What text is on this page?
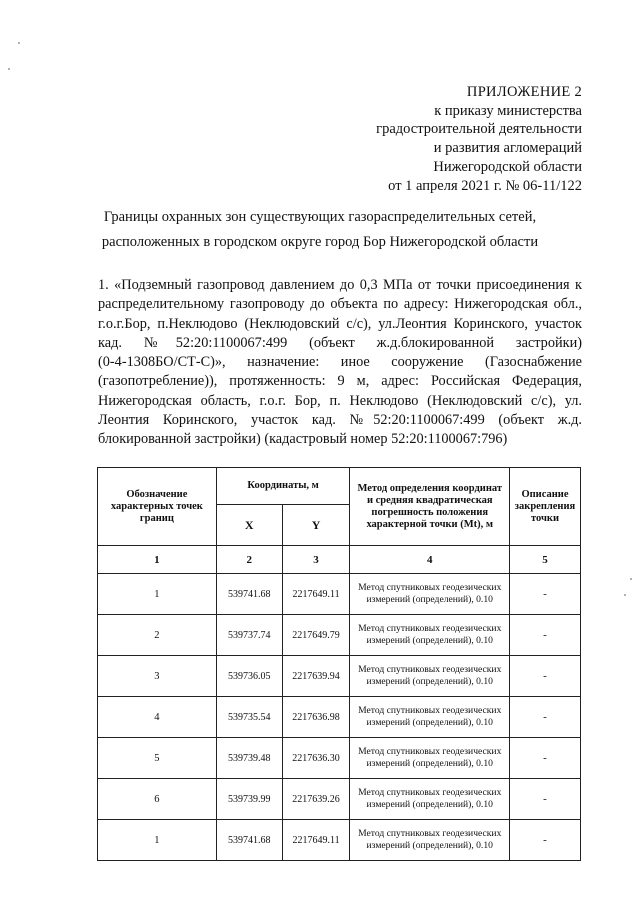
ПРИЛОЖЕНИЕ 2
к приказу министерства
градостроительной деятельности
и развития агломераций
Нижегородской области
от 1 апреля 2021 г. № 06-11/122
Границы охранных зон существующих газораспределительных сетей,
расположенных в городском округе город Бор Нижегородской области
1. «Подземный газопровод давлением до 0,3 МПа от точки присоединения к
распределительному газопроводу до объекта по адресу: Нижегородская обл.,
г.о.г.Бор, п.Неклюдово (Неклюдовский с/с), ул.Леонтия Коринского, участок
кад. №52:20:1100067:499 (объект ж.д.блокированной застройки)
(0-4-1308БО/СТ-С)», назначение: иное сооружение (Газоснабжение
(газопотребление)), протяженность: 9 м, адрес: Российская Федерация,
Нижегородская область, г.о.г. Бор, п. Неклюдово (Неклюдовский с/с), ул.
Леонтия Коринского, участок кад. №52:20:1100067:499 (объект ж.д.
блокированной застройки) (кадастровый номер 52:20:1100067:796)
Обозначение характерных точек границ	Координаты, м		Метод определения координат и средняя квадратическая погрешность положения характерной точки (Mt), м	Описание закрепления точки
	X	Y		
1	2	3	4	5
1	539741.68	2217649.11	Метод спутниковых геодезических измерений (определений), 0.10	-
2	539737.74	2217649.79	Метод спутниковых геодезических измерений (определений), 0.10	-
3	539736.05	2217639.94	Метод спутниковых геодезических измерений (определений), 0.10	-
4	539735.54	2217636.98	Метод спутниковых геодезических измерений (определений), 0.10	-
5	539739.48	2217636.30	Метод спутниковых геодезических измерений (определений), 0.10	-
6	539739.99	2217639.26	Метод спутниковых геодезических измерений (определений), 0.10	-
1	539741.68	2217649.11	Метод спутниковых геодезических измерений (определений), 0.10	-
